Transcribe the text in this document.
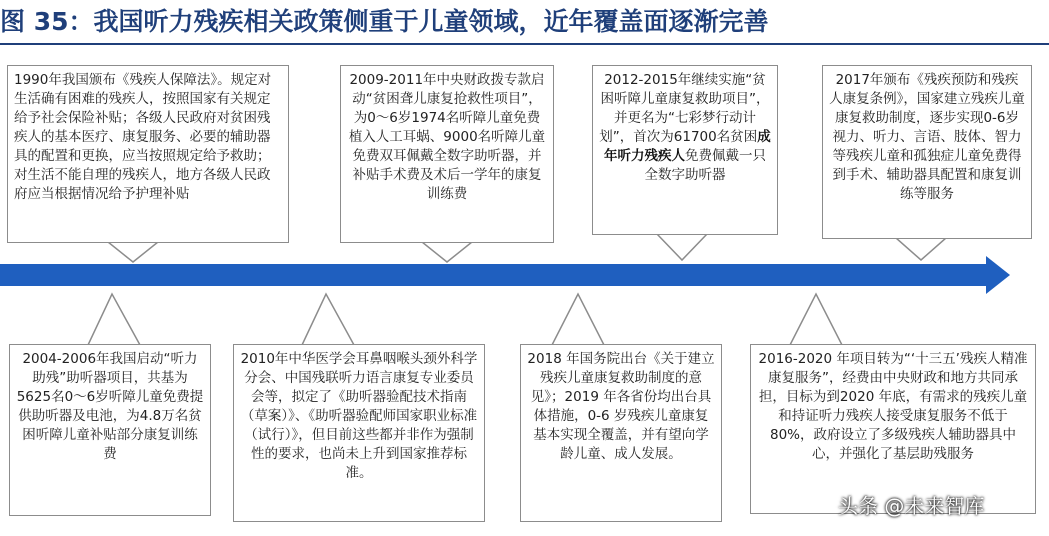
图 35：我国听力残疾相关政策侧重于儿童领域，近年覆盖面逐渐完善
1990年我国颁布《残疾人保障法》。规定对生活确有困难的残疾人，按照国家有关规定给予社会保险补贴；各级人民政府对贫困残疾人的基本医疗、康复服务、必要的辅助器具的配置和更换，应当按照规定给予救助；对生活不能自理的残疾人，地方各级人民政府应当根据情况给予护理补贴
2009-2011年中央财政拨专款启动“贫困聋儿康复抢救性项目”，为0～6岁1974名听障儿童免费植入人工耳蜗、9000名听障儿童免费双耳佩戴全数字助听器，并补贴手术费及术后一学年的康复训练费
2012-2015年继续实施“贫困听障儿童康复救助项目”，并更名为“七彩梦行动计划”，首次为61700名贫困成年听力残疾人免费佩戴一只全数字助听器
2017年颁布《残疾预防和残疾人康复条例》，国家建立残疾儿童康复救助制度，逐步实现0-6岁视力、听力、言语、肢体、智力等残疾儿童和孤独症儿童免费得到手术、辅助器具配置和康复训练等服务
2004-2006年我国启动“听力助残”助听器项目，共基为5625名0～6岁听障儿童免费提供助听器及电池，为4.8万名贫困听障儿童补贴部分康复训练费
2010年中华医学会耳鼻咽喉头颈外科学分会、中国残联听力语言康复专业委员会等，拟定了《助听器验配技术指南（草案）》、《助听器验配师国家职业标准（试行）》，但目前这些都并非作为强制性的要求，也尚未上升到国家推荐标准。
2018 年国务院出台《关于建立残疾儿童康复救助制度的意见》；2019 年各省份均出台具体措施，0-6 岁残疾儿童康复基本实现全覆盖，并有望向学龄儿童、成人发展。
2016-2020 年项目转为“‘十三五’残疾人精准康复服务”，经费由中央财政和地方共同承担，目标为到2020 年底，有需求的残疾儿童和持证听力残疾人接受康复服务不低于80%，政府设立了多级残疾人辅助器具中心，并强化了基层助残服务
头条 @未来智库
